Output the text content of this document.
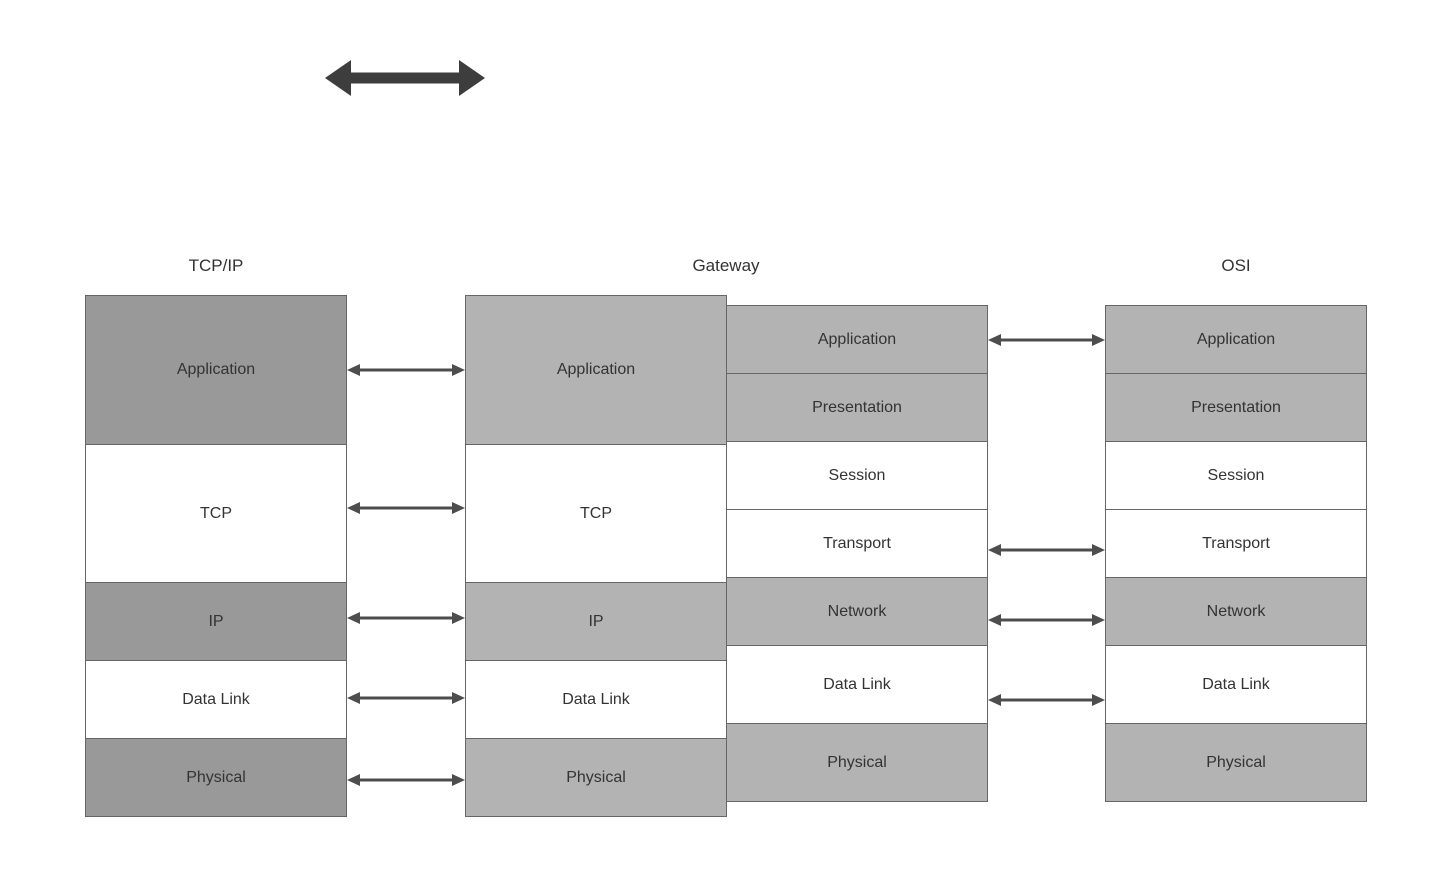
TCP/IP	Gateway	OSI
Application
TCP
IP
Data Link
Physical
Application
TCP
IP
Data Link
Physical
Application
Presentation
Session
Transport
Network
Data Link
Physical
Application
Presentation
Session
Transport
Network
Data Link
Physical
